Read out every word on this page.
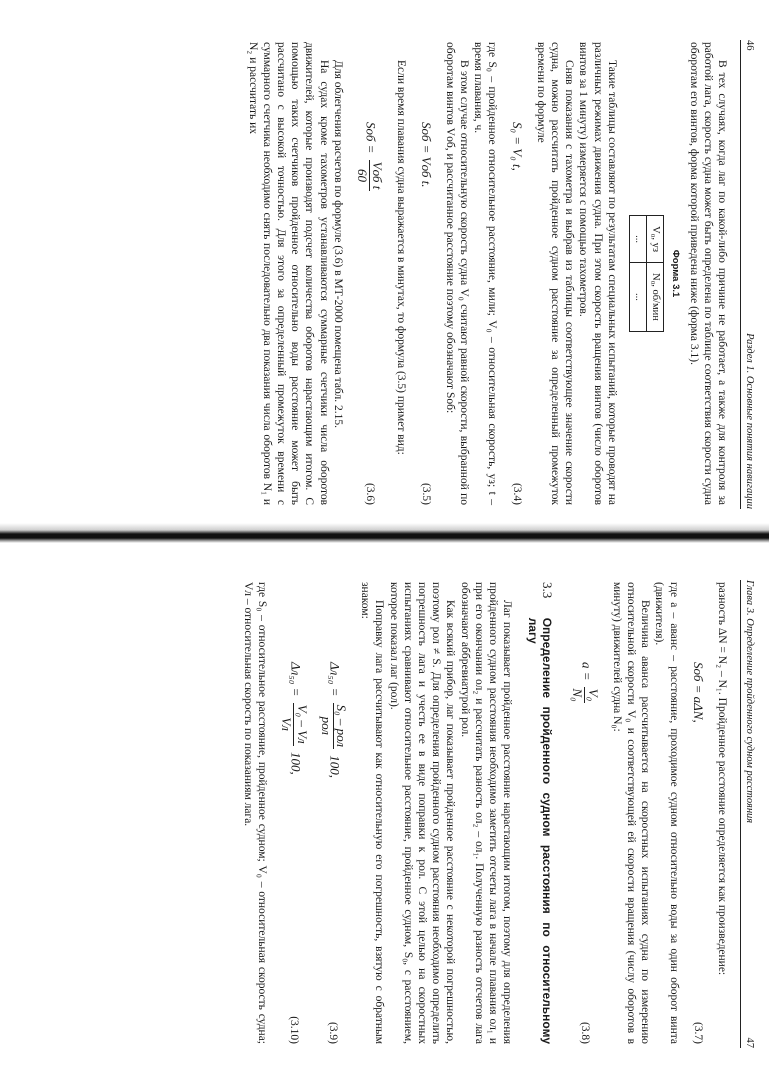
46
Раздел 1. Основные понятия навигации

В тех случаях, когда лаг по какой-либо причине не работает, а также для контроля за работой лага, скорость судна может быть определена по таблице соответствия скорости судна оборотам его винтов, форма которой приведена ниже (форма 3.1).

Форма 3.1
V₀, уз	N₀, об/мин
...	...

Такие таблицы составляют по результатам специальных испытаний, которые проводят на различных режимах движения судна. При этом скорость вращения винтов (число оборотов винтов за 1 минуту) измеряется с помощью тахометров.

Сняв показания с тахометра и выбрав из таблицы соответствующее значение скорости судна, можно рассчитать пройденное судном расстояние за определенный промежуток времени по формуле

S₀ = V₀ t,
(3.4)

где S₀ – пройденное относительное расстояние, мили; V₀ – относительная скорость, уз; t – время плавания, ч.

В этом случае относительную скорость судна V₀ считают равной скорости, выбранной по оборотам винтов Vоб, и рассчитанное расстояние поэтому обозначают Sоб:

Sоб = Vоб t.
(3.5)

Если время плавания судна выражается в минутах, то формула (3.5) примет вид:

Sоб =
Vоб t
60
(3.6)

Для облегчения расчетов по формуле (3.6) в МТ-2000 помещена табл. 2.15.

На судах кроме тахометров устанавливаются суммарные счетчики числа оборотов движителей, которые производят подсчет количества оборотов нарастающим итогом. С помощью таких счетчиков пройденное относительно воды расстояние может быть рассчитано с высокой точностью. Для этого за определенный промежуток времени с суммарного счетчика необходимо снять последовательно два показания числа оборотов N₁ и N₂ и рассчитать их

Глава 3. Определение пройденного судном расстояния
47

разность ΔN = N₂ – N₁. Пройденное расстояние определяется как произведение:

Sоб = aΔN,
(3.7)

где a – аванс – расстояние, проходимое судном относительно воды за один оборот винта (движителя).

Величина аванса рассчитывается на скоростных испытаниях судна по измерению относительной скорости V₀ и соответствующей ей скорости вращения (числу оборотов в минуту) движителей судна N₀:

a =
V₀
N₀
(3.8)
3.3
Определение пройденного судном расстояния по относительному лагу

Лаг показывает пройденное расстояние нарастающим итогом, поэтому для определения пройденного судном расстояния необходимо заметить отсчеты лага в начале плавания ол₁ и при его окончании ол₂ и рассчитать разность ол₂ – ол₁. Полученную разность отсчетов лага обозначают аббревиатурой рол.

Как всякий прибор, лаг показывает пройденное расстояние с некоторой погрешностью, поэтому рол ≠ S. Для определения пройденного судном расстояния необходимо определить погрешность лага и учесть ее в виде поправки к рол. С этой целью на скоростных испытаниях сравнивают относительное расстояние, пройденное судном, S₀, с расстоянием, которое показал лаг (рол).

Поправку лага рассчитывают как относительную его погрешность, взятую с обратным знаком:

Δл₅₀ =
S₀ – рол
рол
100,
(3.9)
Δл₅₀ =
V₀ – Vл
Vл
100,
(3.10)

где S₀ – относительное расстояние, пройденное судном; V₀ – относительная скорость судна; Vл – относительная скорость по показаниям лага.
